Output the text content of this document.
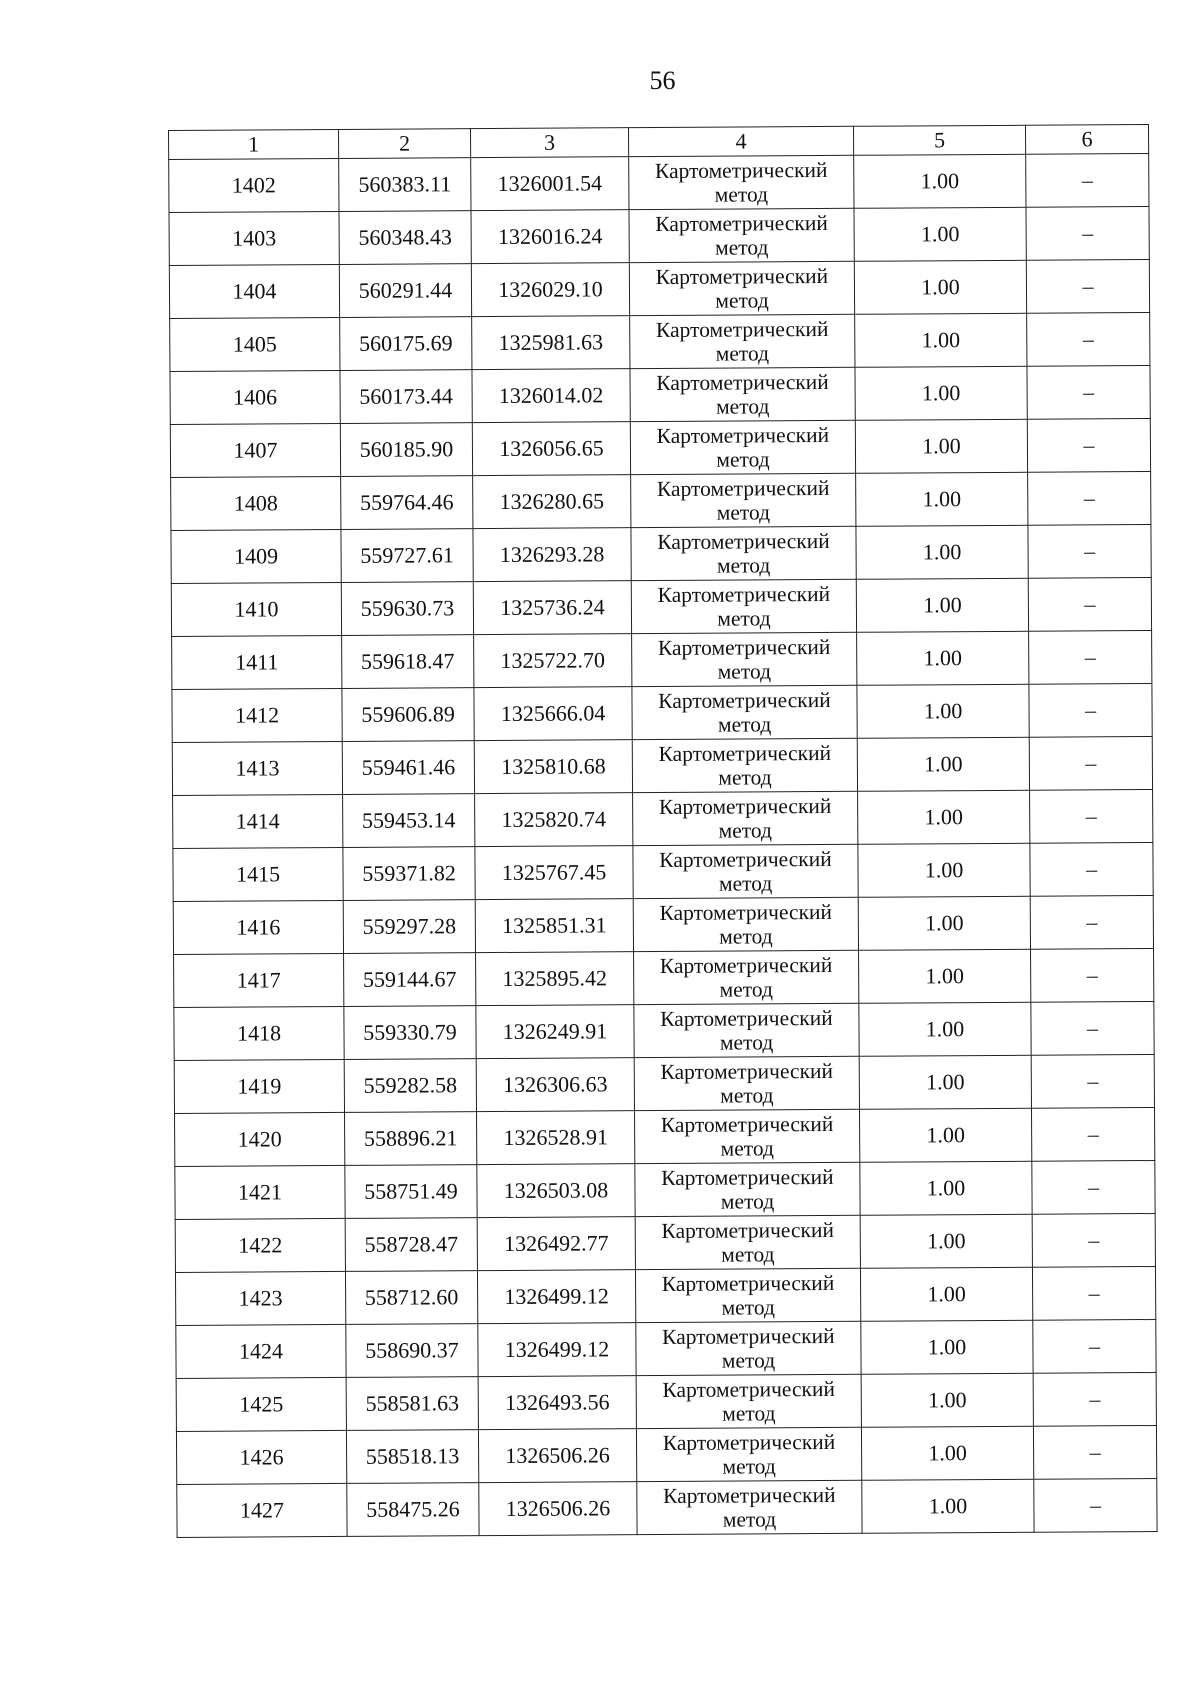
56
1	2	3	4	5	6
1402	560383.11	1326001.54	Картометрический метод	1.00	–
1403	560348.43	1326016.24	Картометрический метод	1.00	–
1404	560291.44	1326029.10	Картометрический метод	1.00	–
1405	560175.69	1325981.63	Картометрический метод	1.00	–
1406	560173.44	1326014.02	Картометрический метод	1.00	–
1407	560185.90	1326056.65	Картометрический метод	1.00	–
1408	559764.46	1326280.65	Картометрический метод	1.00	–
1409	559727.61	1326293.28	Картометрический метод	1.00	–
1410	559630.73	1325736.24	Картометрический метод	1.00	–
1411	559618.47	1325722.70	Картометрический метод	1.00	–
1412	559606.89	1325666.04	Картометрический метод	1.00	–
1413	559461.46	1325810.68	Картометрический метод	1.00	–
1414	559453.14	1325820.74	Картометрический метод	1.00	–
1415	559371.82	1325767.45	Картометрический метод	1.00	–
1416	559297.28	1325851.31	Картометрический метод	1.00	–
1417	559144.67	1325895.42	Картометрический метод	1.00	–
1418	559330.79	1326249.91	Картометрический метод	1.00	–
1419	559282.58	1326306.63	Картометрический метод	1.00	–
1420	558896.21	1326528.91	Картометрический метод	1.00	–
1421	558751.49	1326503.08	Картометрический метод	1.00	–
1422	558728.47	1326492.77	Картометрический метод	1.00	–
1423	558712.60	1326499.12	Картометрический метод	1.00	–
1424	558690.37	1326499.12	Картометрический метод	1.00	–
1425	558581.63	1326493.56	Картометрический метод	1.00	–
1426	558518.13	1326506.26	Картометрический метод	1.00	–
1427	558475.26	1326506.26	Картометрический метод	1.00	–
